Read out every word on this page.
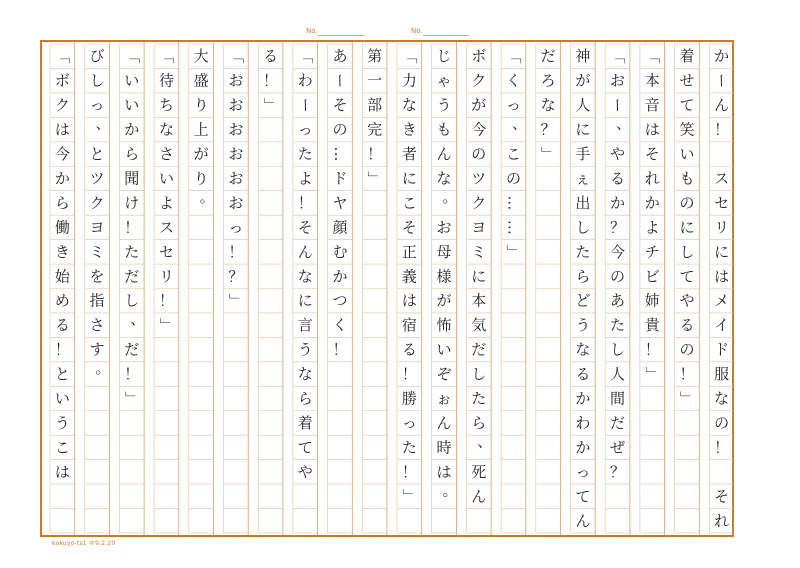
No.	No.
か
ー
ん
！
着
せ
て
笑
い
も
の
に
し
て
や
る
の
！
」
「
本
音
は
そ
れ
か
よ
チ
ビ
姉
貴
！
」
「
お
ー
、
や
る
か
？
今
の
あ
た
し
人
間
だ
ぜ
？
神
が
人
に
手
ぇ
出
し
た
ら
ど
う
な
る
か
わ
か
っ
て
ん
だ
ろ
な
？
」
「
く
っ
、
こ
の
…
…
」
ボ
ク
が
今
の
ツ
ク
ヨ
ミ
に
本
気
だ
し
た
ら
、
死
ん
じ
ゃ
う
も
ん
な
。
お
母
様
が
怖
い
ぞ
ぉ
ん
時
は
。
「
力
な
き
者
に
こ
そ
正
義
は
宿
る
！
勝
っ
た
！
」
第
一
部
完
！
」
あ
ー
そ
の
…
ド
ヤ
顔
む
か
つ
く
！
「
わ
ー
っ
た
よ
！
そ
ん
な
に
言
う
な
ら
着
て
や
る
！
」
「
お
お
お
お
お
お
っ
！
？
」
大
盛
り
上
が
り
。
「
待
ち
な
さ
い
よ
ス
セ
リ
！
」
「
い
い
か
ら
聞
け
！
た
だ
し
、
だ
！
」
び
し
っ
、
と
ツ
ク
ヨ
ミ
を
指
さ
す
。
「
ボ
ク
は
今
か
ら
働
き
始
め
る
！
と
い
う
こ
は
ス
セ
リ
に
は
メ
イ
ド
服
な
の
！
そ
れ
kokuyo-ts1 ゆ9.2.20
